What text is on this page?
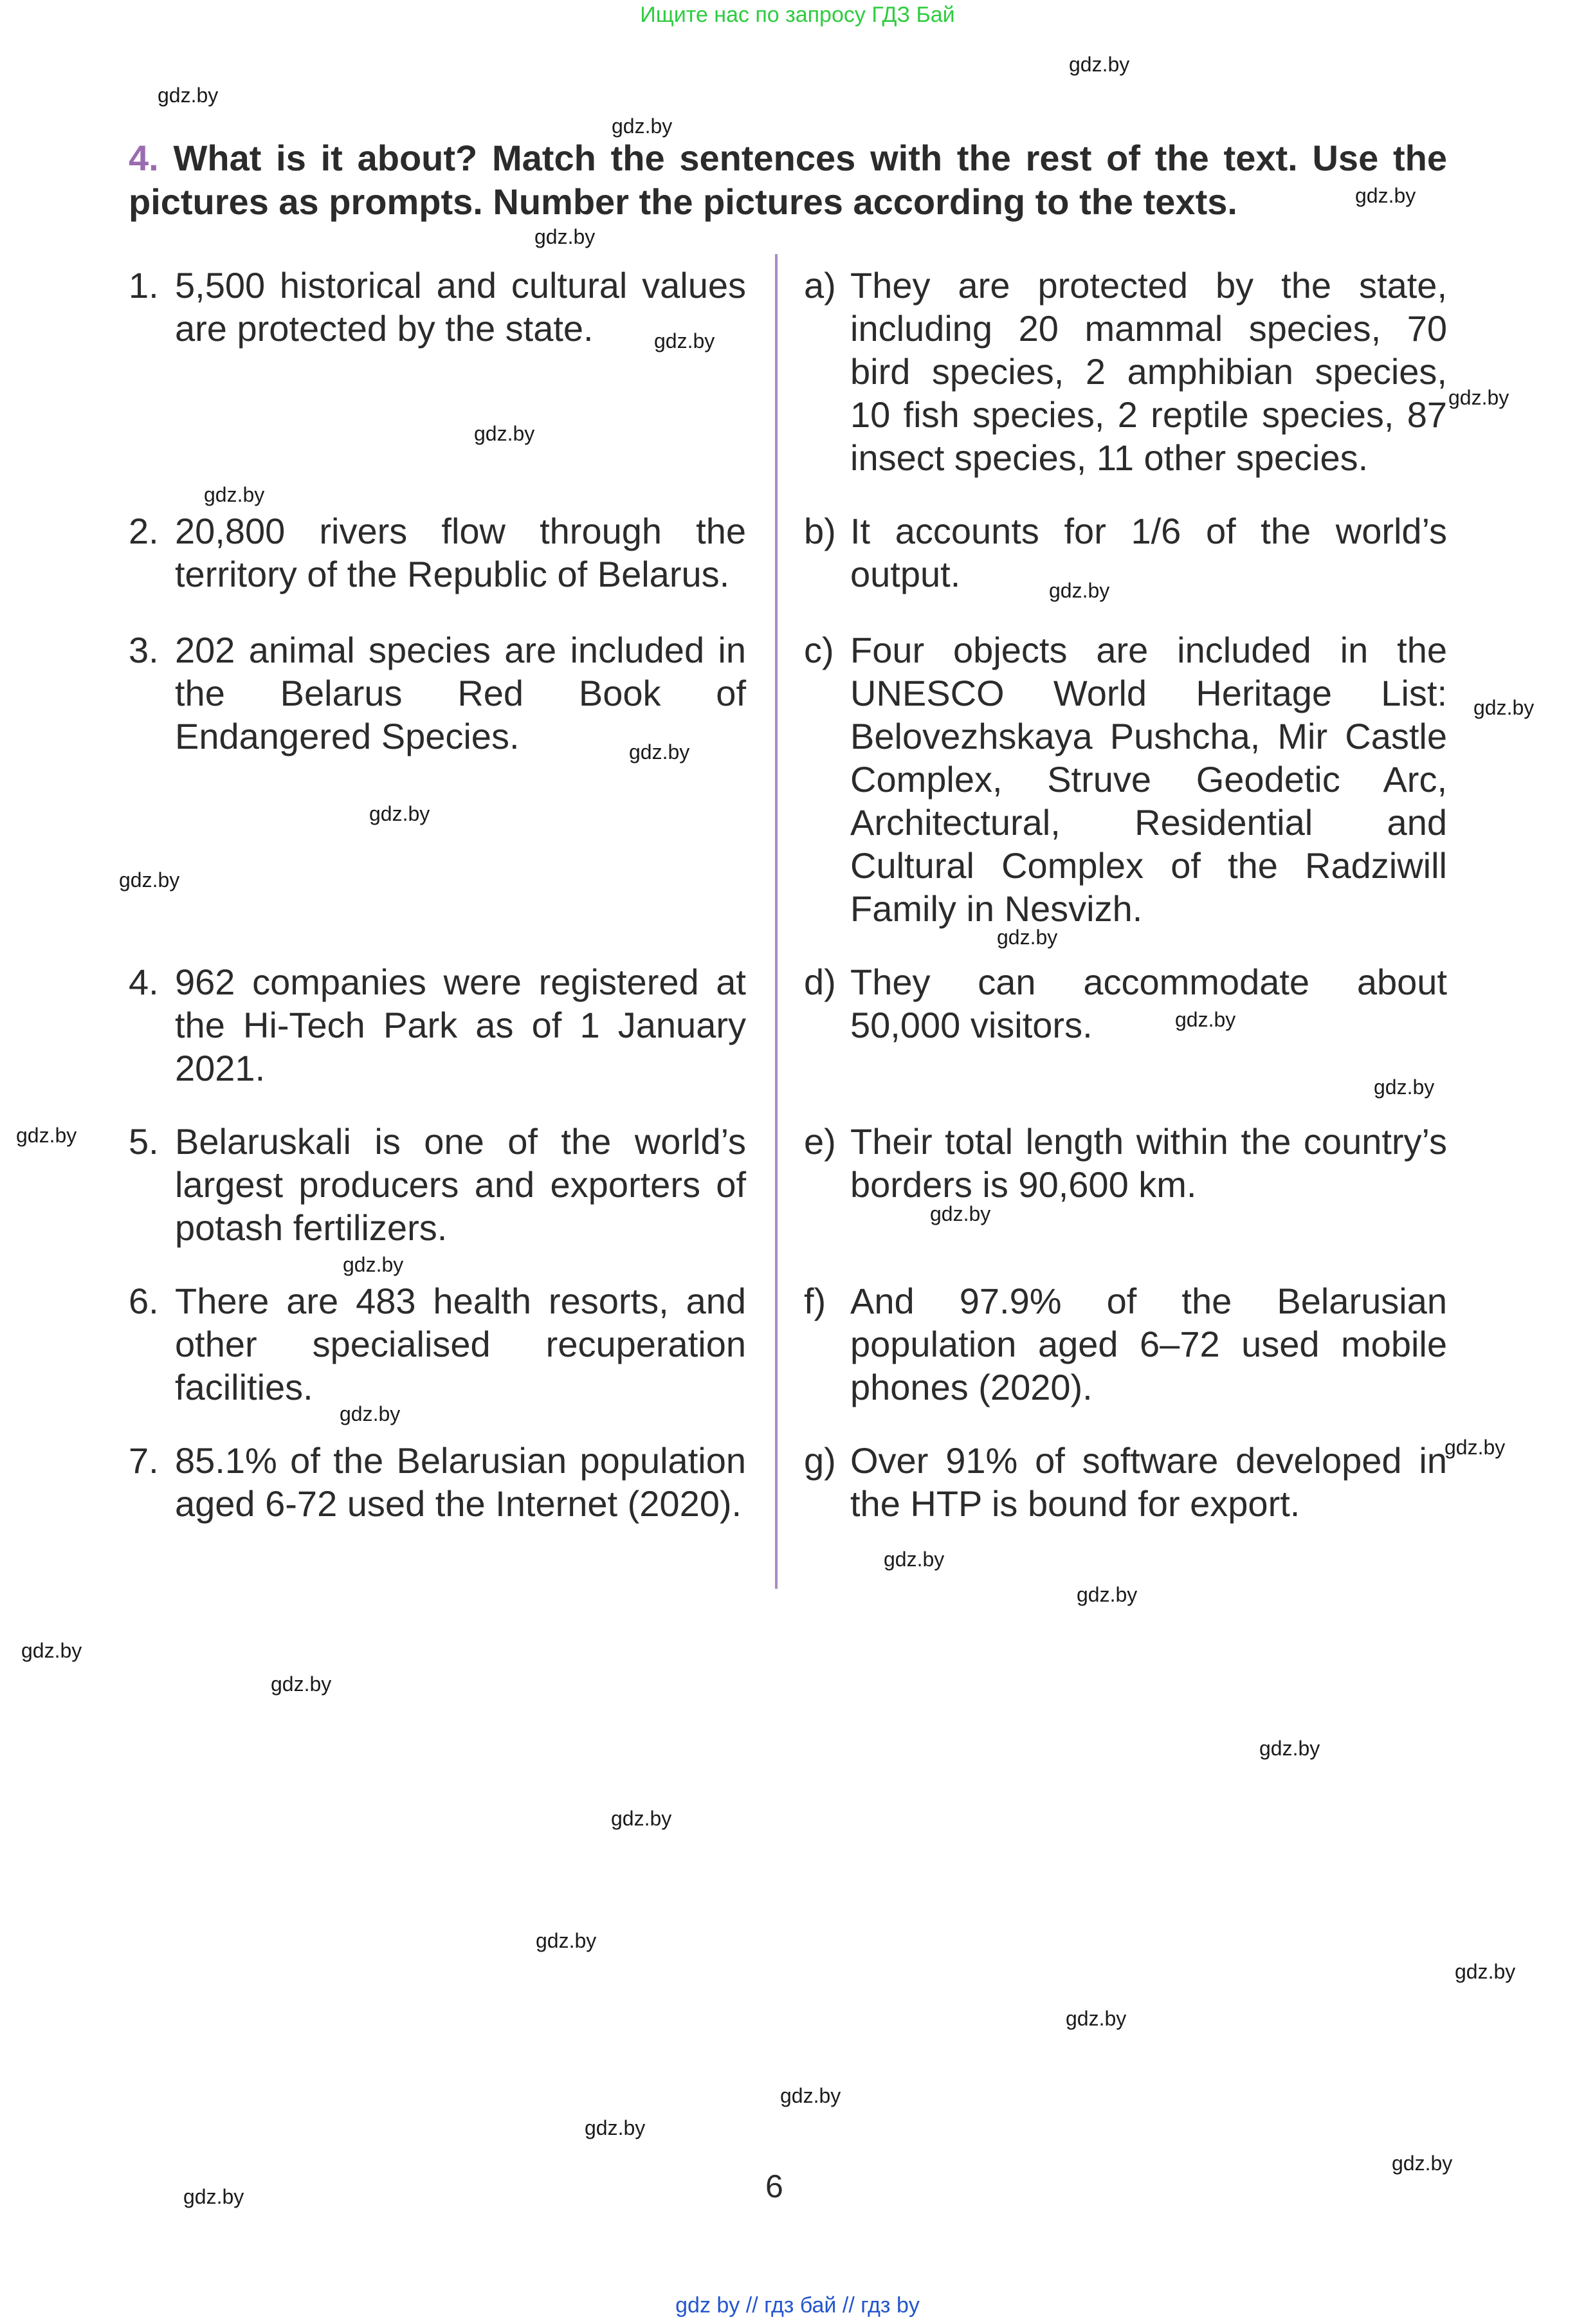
Ищите нас по запросу ГДЗ Бай
4. What is it about? Match the sentences with the rest of the text. Use the pictures as prompts. Number the pictures according to the texts.
1. 5,500 historical and cultural values are protected by the state.
2. 20,800 rivers flow through the territory of the Republic of Belarus.
3. 202 animal species are included in the Belarus Red Book of Endangered Species.
4. 962 companies were registered at the Hi-Tech Park as of 1 January 2021.
5. Belaruskali is one of the world’s largest producers and exporters of potash fertilizers.
6. There are 483 health resorts, and other specialised recuperation facilities.
7. 85.1% of the Belarusian population aged 6-72 used the Internet (2020).
a) They are protected by the state, including 20 mammal species, 70 bird species, 2 amphibian species, 10 fish species, 2 reptile species, 87 insect species, 11 other species.
b) It accounts for 1/6 of the world’s output.
c) Four objects are included in the UNESCO World Heritage List: Belovezhskaya Pushcha, Mir Castle Complex, Struve Geodetic Arc, Architectural, Residential and Cultural Complex of the Radziwill Family in Nesvizh.
d) They can accommodate about 50,000 visitors.
e) Their total length within the country’s borders is 90,600 km.
f) And 97.9% of the Belarusian population aged 6–72 used mobile phones (2020).
g) Over 91% of software developed in the HTP is bound for export.
gdz.by
gdz.by
gdz.by
gdz.by
gdz.by
gdz.by
gdz.by
gdz.by
gdz.by
gdz.by
gdz.by
gdz.by
gdz.by
gdz.by
gdz.by
gdz.by
gdz.by
gdz.by
gdz.by
gdz.by
gdz.by
gdz.by
gdz.by
gdz.by
gdz.by
gdz.by
gdz.by
gdz.by
gdz.by
gdz.by
gdz.by
gdz.by
gdz.by
gdz.by
gdz.by	6
gdz by // гдз бай // гдз by
